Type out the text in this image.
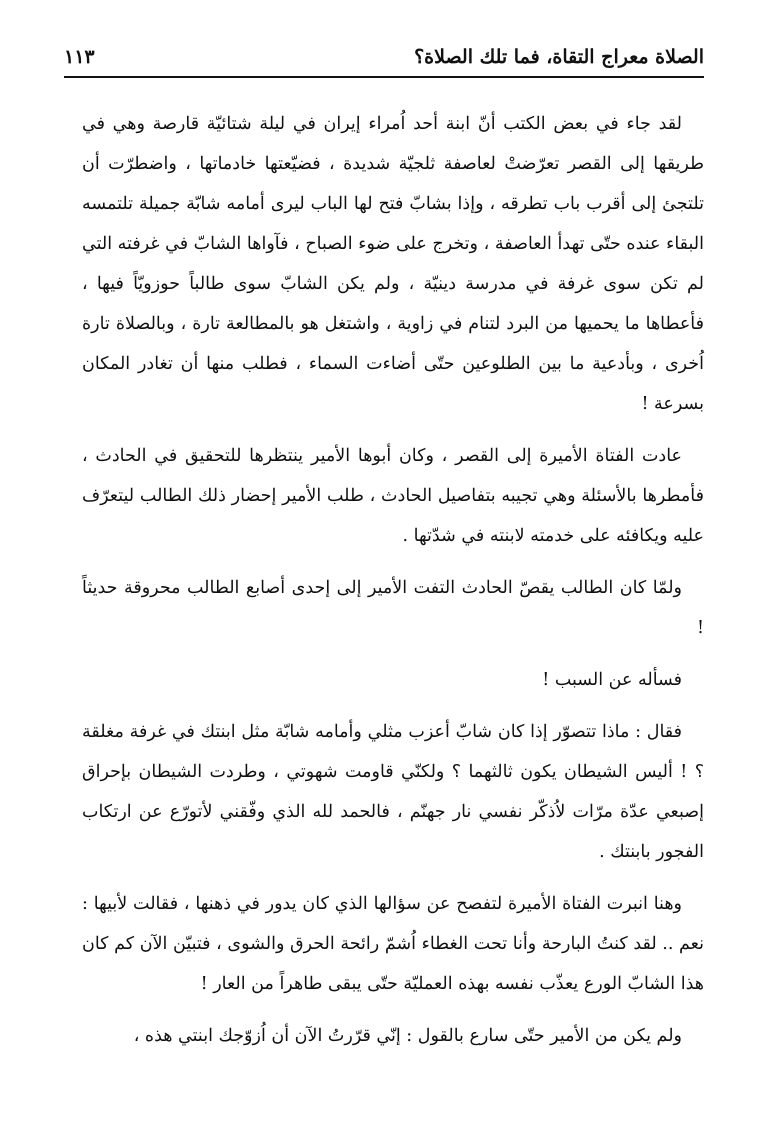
الصلاة معراج التقاة، فما تلك الصلاة؟
١١٣

لقد جاء في بعض الكتب أنّ ابنة أحد اُمراء إيران في ليلة شتائيّة قارصة وهي في طريقها إلى القصر تعرّضتْ لعاصفة ثلجيّة شديدة ، فضيّعتها خادماتها ، واضطرّت أن تلتجئ إلى أقرب باب تطرقه ، وإذا بشابّ فتح لها الباب ليرى أمامه شابّة جميلة تلتمسه البقاء عنده حتّى تهدأ العاصفة ، وتخرج على ضوء الصباح ، فآواها الشابّ في غرفته التي لم تكن سوى غرفة في مدرسة دينيّة ، ولم يكن الشابّ سوى طالباً حوزويّاً فيها ، فأعطاها ما يحميها من البرد لتنام في زاوية ، واشتغل هو بالمطالعة تارة ، وبالصلاة تارة اُخرى ، وبأدعية ما بين الطلوعين حتّى أضاءت السماء ، فطلب منها أن تغادر المكان بسرعة !

عادت الفتاة الأميرة إلى القصر ، وكان أبوها الأمير ينتظرها للتحقيق في الحادث ، فأمطرها بالأسئلة وهي تجيبه بتفاصيل الحادث ، طلب الأمير إحضار ذلك الطالب ليتعرّف عليه ويكافئه على خدمته لابنته في شدّتها .

ولمّا كان الطالب يقصّ الحادث التفت الأمير إلى إحدى أصابع الطالب محروقة حديثاً !

فسأله عن السبب !

فقال : ماذا تتصوّر إذا كان شابّ أعزب مثلي وأمامه شابّة مثل ابنتك في غرفة مغلقة ؟ ! أليس الشيطان يكون ثالثهما ؟ ولكنّي قاومت شهوتي ، وطردت الشيطان بإحراق إصبعي عدّة مرّات لاُذكّر نفسي نار جهنّم ، فالحمد لله الذي وفّقني لأتورّع عن ارتكاب الفجور بابنتك .

وهنا انبرت الفتاة الأميرة لتفصح عن سؤالها الذي كان يدور في ذهنها ، فقالت لأبيها : نعم .. لقد كنتُ البارحة وأنا تحت الغطاء اُشمّ رائحة الحرق والشوى ، فتبيّن الآن كم كان هذا الشابّ الورع يعذّب نفسه بهذه العمليّة حتّى يبقى طاهراً من العار !

ولم يكن من الأمير حتّى سارع بالقول : إنّي قرّرتُ الآن أن اُزوّجك ابنتي هذه ،
